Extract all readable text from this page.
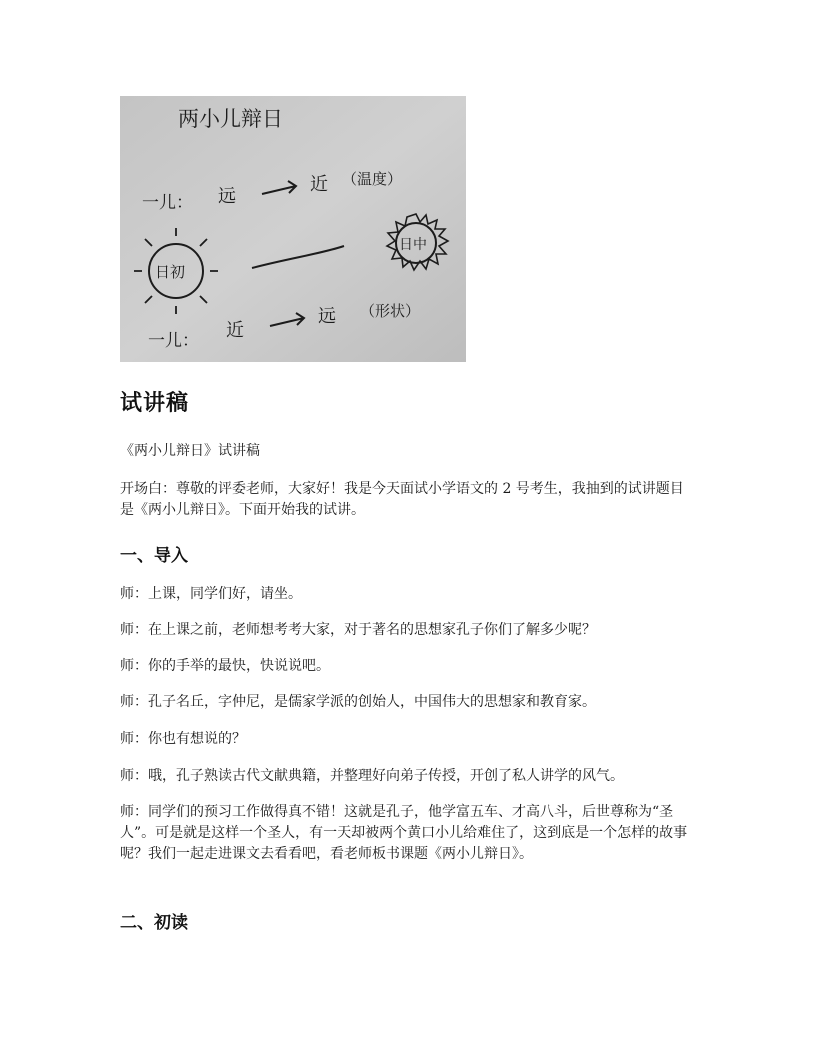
两小儿辩日
一儿： 远
近 （温度）
日初
日中
一儿： 近
远 （形状）
试讲稿

《两小儿辩日》试讲稿

开场白：尊敬的评委老师，大家好！我是今天面试小学语文的 2 号考生，我抽到的试讲题目是《两小儿辩日》。下面开始我的试讲。

一、导入

师：上课，同学们好，请坐。

师：在上课之前，老师想考考大家，对于著名的思想家孔子你们了解多少呢？

师：你的手举的最快，快说说吧。

师：孔子名丘，字仲尼，是儒家学派的创始人，中国伟大的思想家和教育家。

师：你也有想说的？

师：哦，孔子熟读古代文献典籍，并整理好向弟子传授，开创了私人讲学的风气。

师：同学们的预习工作做得真不错！这就是孔子，他学富五车、才高八斗，后世尊称为“圣人”。可是就是这样一个圣人，有一天却被两个黄口小儿给难住了，这到底是一个怎样的故事呢？我们一起走进课文去看看吧，看老师板书课题《两小儿辩日》。

二、初读
